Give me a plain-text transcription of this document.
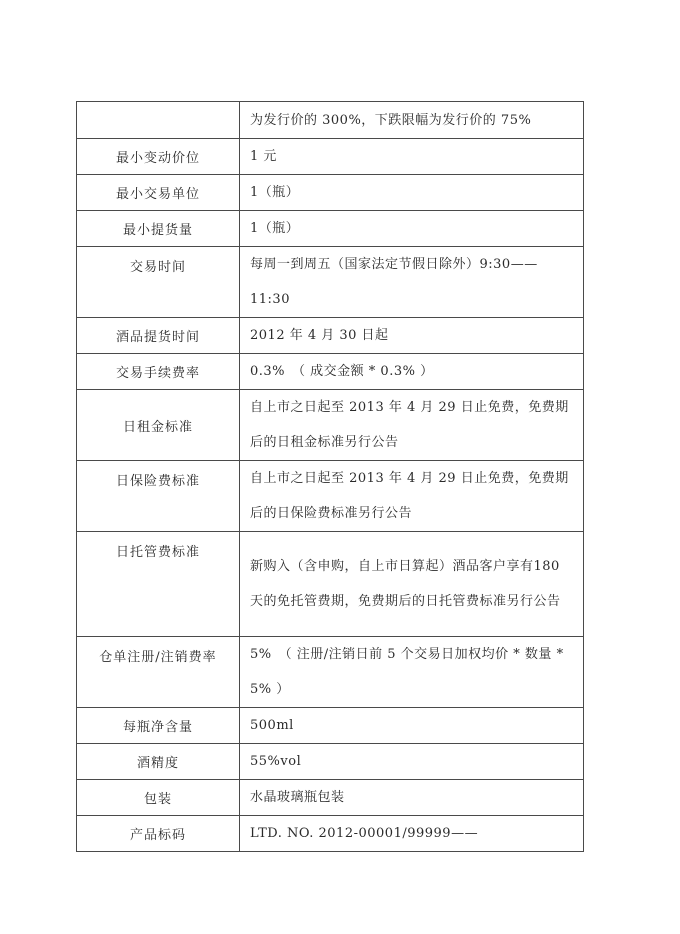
	为发行价的 300%，下跌限幅为发行价的 75%
最小变动价位	1 元
最小交易单位	1（瓶）
最小提货量	1（瓶）
交易时间	每周一到周五（国家法定节假日除外）9:30——11:30
酒品提货时间	2012 年 4 月 30 日起
交易手续费率	0.3%　（ 成交金额 * 0.3% ）
日租金标准	自上市之日起至 2013 年 4 月 29 日止免费，免费期后的日租金标准另行公告
日保险费标准	自上市之日起至 2013 年 4 月 29 日止免费，免费期后的日保险费标准另行公告
日托管费标准	新购入（含申购，自上市日算起）酒品客户享有180 天的免托管费期，免费期后的日托管费标准另行公告
仓单注册/注销费率	5%　（ 注册/注销日前 5 个交易日加权均价 * 数量 * 5% ）
每瓶净含量	500ml
酒精度	55%vol
包装	水晶玻璃瓶包装
产品标码	LTD. NO. 2012-00001/99999——
